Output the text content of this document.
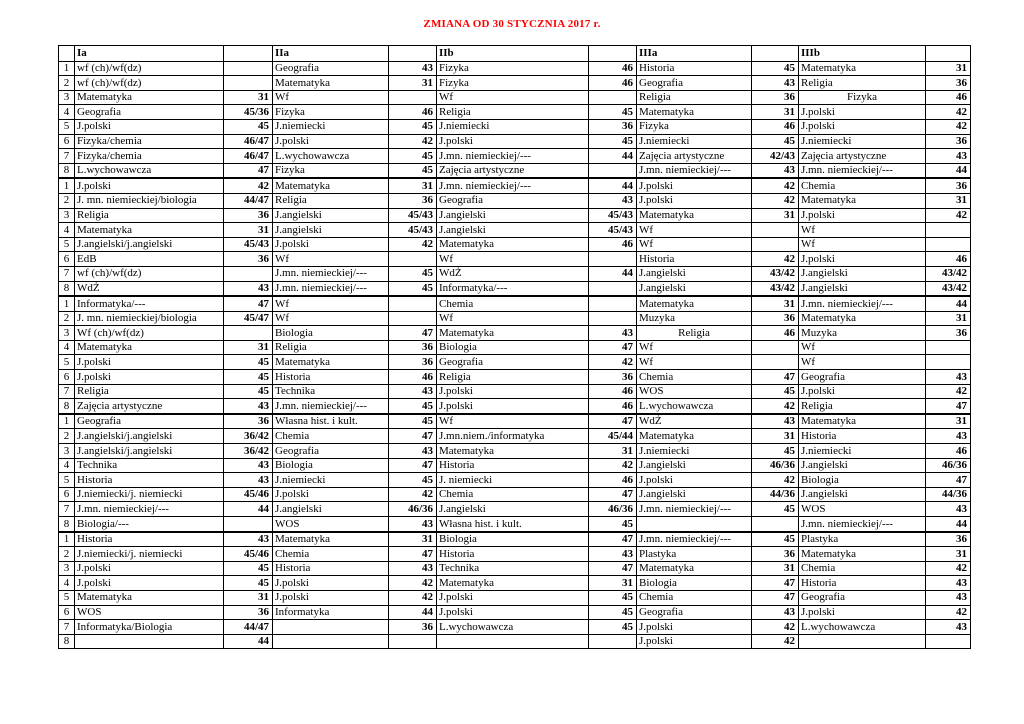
ZMIANA OD 30 STYCZNIA 2017 r.
	Ia		IIa		IIb		IIIa		IIIb	
1	wf (ch)/wf(dz)		Geografia	43	Fizyka	46	Historia	45	Matematyka	31
2	wf (ch)/wf(dz)		Matematyka	31	Fizyka	46	Geografia	43	Religia	36
3	Matematyka	31	Wf		Wf		Religia	36	Fizyka	46
4	Geografia	45/36	Fizyka	46	Religia	45	Matematyka	31	J.polski	42
5	J.polski	45	J.niemiecki	45	J.niemiecki	36	Fizyka	46	J.polski	42
6	Fizyka/chemia	46/47	J.polski	42	J.polski	45	J.niemiecki	45	J.niemiecki	36
7	Fizyka/chemia	46/47	L.wychowawcza	45	J.mn. niemieckiej/---	44	Zajęcia artystyczne	42/43	Zajęcia artystyczne	43
8	L.wychowawcza	47	Fizyka	45	Zajęcia artystyczne		J.mn. niemieckiej/---	43	J.mn. niemieckiej/---	44
1	J.polski	42	Matematyka	31	J.mn. niemieckiej/---	44	J.polski	42	Chemia	36
2	J. mn. niemieckiej/biologia	44/47	Religia	36	Geografia	43	J.polski	42	Matematyka	31
3	Religia	36	J.angielski	45/43	J.angielski	45/43	Matematyka	31	J.polski	42
4	Matematyka	31	J.angielski	45/43	J.angielski	45/43	Wf		Wf	
5	J.angielski/j.angielski	45/43	J.polski	42	Matematyka	46	Wf		Wf	
6	EdB	36	Wf		Wf		Historia	42	J.polski	46
7	wf (ch)/wf(dz)		J.mn. niemieckiej/---	45	WdŻ	44	J.angielski	43/42	J.angielski	43/42
8	WdŻ	43	J.mn. niemieckiej/---	45	Informatyka/---		J.angielski	43/42	J.angielski	43/42
1	Informatyka/---	47	Wf		Chemia		Matematyka	31	J.mn. niemieckiej/---	44
2	J. mn. niemieckiej/biologia	45/47	Wf		Wf		Muzyka	36	Matematyka	31
3	Wf (ch)/wf(dz)		Biologia	47	Matematyka	43	Religia	46	Muzyka	36
4	Matematyka	31	Religia	36	Biologia	47	Wf		Wf	
5	J.polski	45	Matematyka	36	Geografia	42	Wf		Wf	
6	J.polski	45	Historia	46	Religia	36	Chemia	47	Geografia	43
7	Religia	45	Technika	43	J.polski	46	WOS	45	J.polski	42
8	Zajęcia artystyczne	43	J.mn. niemieckiej/---	45	J.polski	46	L.wychowawcza	42	Religia	47
1	Geografia	36	Własna hist. i kult.	45	Wf	47	WdŻ	43	Matematyka	31
2	J.angielski/j.angielski	36/42	Chemia	47	J.mn.niem./informatyka	45/44	Matematyka	31	Historia	43
3	J.angielski/j.angielski	36/42	Geografia	43	Matematyka	31	J.niemiecki	45	J.niemiecki	46
4	Technika	43	Biologia	47	Historia	42	J.angielski	46/36	J.angielski	46/36
5	Historia	43	J.niemiecki	45	J. niemiecki	46	J.polski	42	Biologia	47
6	J.niemiecki/j. niemiecki	45/46	J.polski	42	Chemia	47	J.angielski	44/36	J.angielski	44/36
7	J.mn. niemieckiej/---	44	J.angielski	46/36	J.angielski	46/36	J.mn. niemieckiej/---	45	WOS	43
8	Biologia/---		WOS	43	Własna hist. i kult.	45			J.mn. niemieckiej/---	44
1	Historia	43	Matematyka	31	Biologia	47	J.mn. niemieckiej/---	45	Plastyka	36
2	J.niemiecki/j. niemiecki	45/46	Chemia	47	Historia	43	Plastyka	36	Matematyka	31
3	J.polski	45	Historia	43	Technika	47	Matematyka	31	Chemia	42
4	J.polski	45	J.polski	42	Matematyka	31	Biologia	47	Historia	43
5	Matematyka	31	J.polski	42	J.polski	45	Chemia	47	Geografia	43
6	WOS	36	Informatyka	44	J.polski	45	Geografia	43	J.polski	42
7	Informatyka/Biologia	44/47		36	L.wychowawcza	45	J.polski	42	L.wychowawcza	43
8		44					J.polski	42		
